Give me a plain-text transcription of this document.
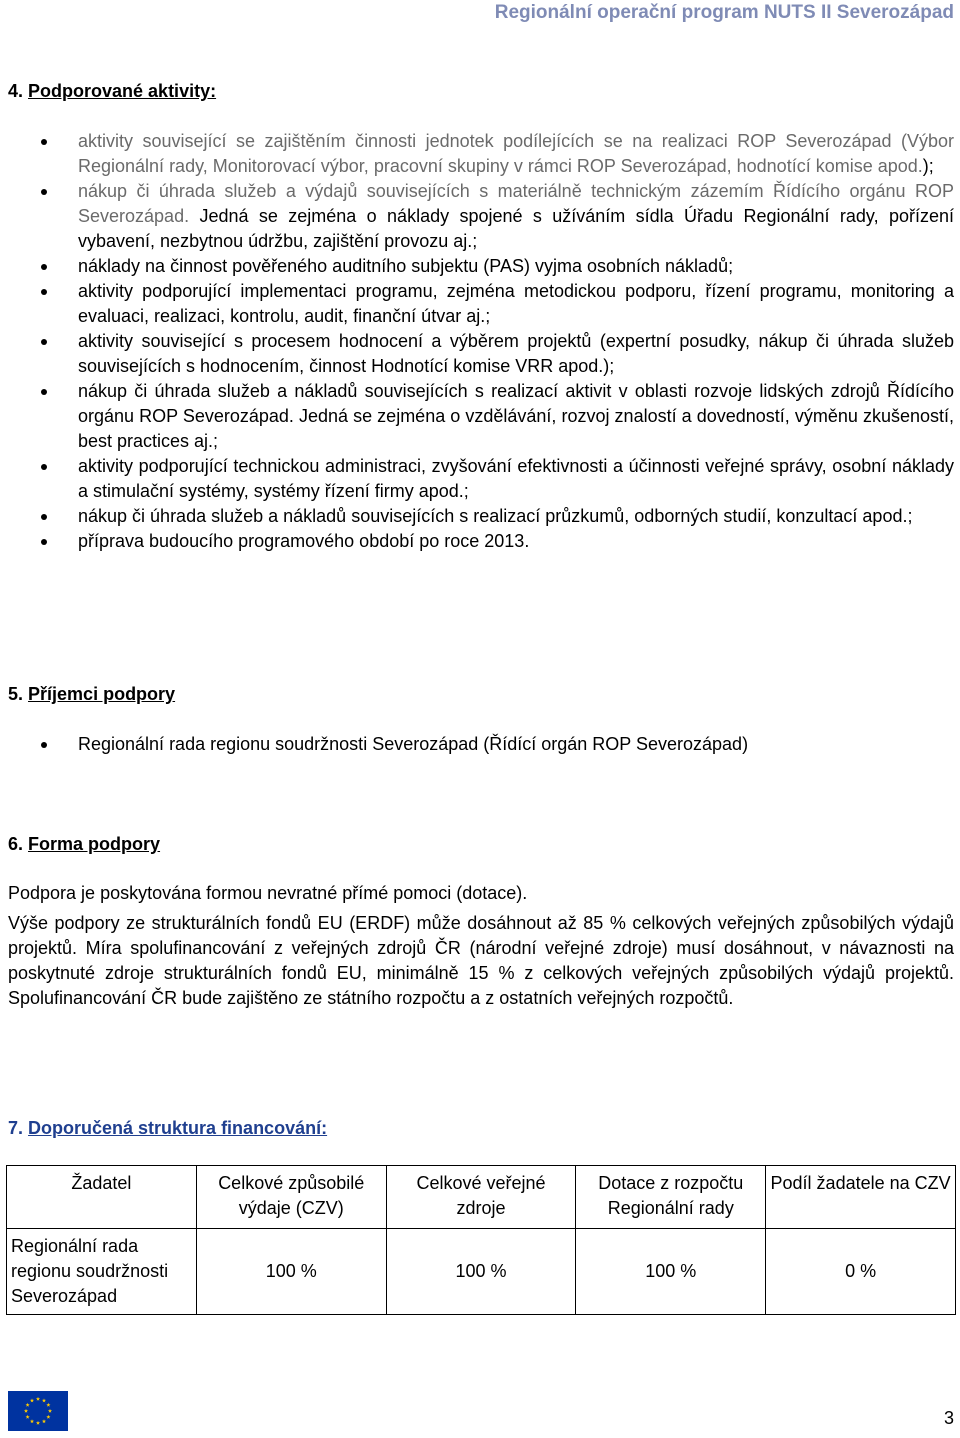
Regionální operační program NUTS II Severozápad
4. Podporované aktivity:
aktivity související se zajištěním činnosti jednotek podílejících se na realizaci ROP Severozápad (Výbor Regionální rady, Monitorovací výbor, pracovní skupiny v rámci ROP Severozápad, hodnotící komise apod.);
nákup či úhrada služeb a výdajů souvisejících s materiálně technickým zázemím Řídícího orgánu ROP Severozápad. Jedná se zejména o náklady spojené s užíváním sídla Úřadu Regionální rady, pořízení vybavení, nezbytnou údržbu, zajištění provozu aj.;
náklady na činnost pověřeného auditního subjektu (PAS) vyjma osobních nákladů;
aktivity podporující implementaci programu, zejména metodickou podporu, řízení programu, monitoring a evaluaci, realizaci, kontrolu, audit, finanční útvar aj.;
aktivity související s procesem hodnocení a výběrem projektů (expertní posudky, nákup či úhrada služeb souvisejících s hodnocením, činnost Hodnotící komise VRR apod.);
nákup či úhrada služeb a nákladů souvisejících s realizací aktivit v oblasti rozvoje lidských zdrojů Řídícího orgánu ROP Severozápad. Jedná se zejména o vzdělávání, rozvoj znalostí a dovedností, výměnu zkušeností, best practices aj.;
aktivity podporující technickou administraci, zvyšování efektivnosti a účinnosti veřejné správy, osobní náklady a stimulační systémy, systémy řízení firmy apod.;
nákup či úhrada služeb a nákladů souvisejících s realizací průzkumů, odborných studií, konzultací apod.;
příprava budoucího programového období po roce 2013.
5. Příjemci podpory
Regionální rada regionu soudržnosti Severozápad (Řídící orgán ROP Severozápad)
6. Forma podpory

Podpora je poskytována formou nevratné přímé pomoci (dotace).

Výše podpory ze strukturálních fondů EU (ERDF) může dosáhnout až 85 % celkových veřejných způsobilých výdajů projektů. Míra spolufinancování z veřejných zdrojů ČR (národní veřejné zdroje) musí dosáhnout, v návaznosti na poskytnuté zdroje strukturálních fondů EU, minimálně 15 % z celkových veřejných způsobilých výdajů projektů. Spolufinancování ČR bude zajištěno ze státního rozpočtu a z ostatních veřejných rozpočtů.

7. Doporučená struktura financování:
Žadatel	Celkové způsobilé výdaje (CZV)	Celkové veřejné zdroje	Dotace z rozpočtu Regionální rady	Podíl žadatele na CZV
Regionální rada regionu soudržnosti Severozápad	100 %	100 %	100 %	0 %
3
